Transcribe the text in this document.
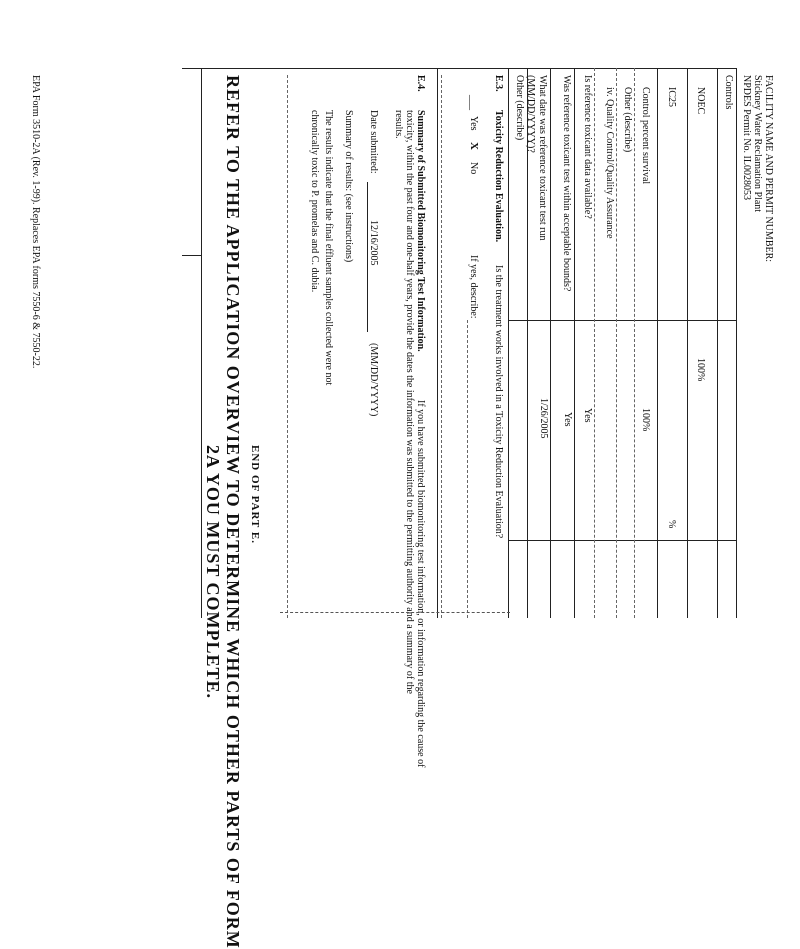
FACILITY NAME AND PERMIT NUMBER:
Stickney Water Reclamation Plant
NPDES Permit No. IL0028053
Controls
NOEC
100%
IC25
%
Control percent survival
100%
Other (describe)
iv. Quality Control/Quality Assurance
Is reference toxicant data available?
Yes
Was reference toxicant test within acceptable bounds?
Yes
What date was reference toxicant test run (MM/DD/YYYY)?
1/26/2005
Other (describe)
E.3.
Toxicity Reduction Evaluation.
Is the treatment works involved in a Toxicity Reduction Evaluation?
___
Yes
X
No
If yes, describe:
E.4.
Summary of Submitted Biomonitoring Test Information.
If you have submitted biomonitoring test information, or information regarding the cause of
toxicity, within the past four and one-half years, provide the dates the information was submitted to the permitting authority and a summary of the
results.
Date submitted:
12/16/2005
(MM/DD/YYYY)
Summary of results: (see instructions)
The results indicate that the final effluent samples collected were not
chronically toxic to P. promelas and C. dubia.
END OF PART E.
REFER TO THE APPLICATION OVERVIEW TO DETERMINE WHICH OTHER PARTS OF FORM
2A YOU MUST COMPLETE.
EPA Form 3510-2A (Rev. 1-99). Replaces EPA forms 7550-6 & 7550-22.
